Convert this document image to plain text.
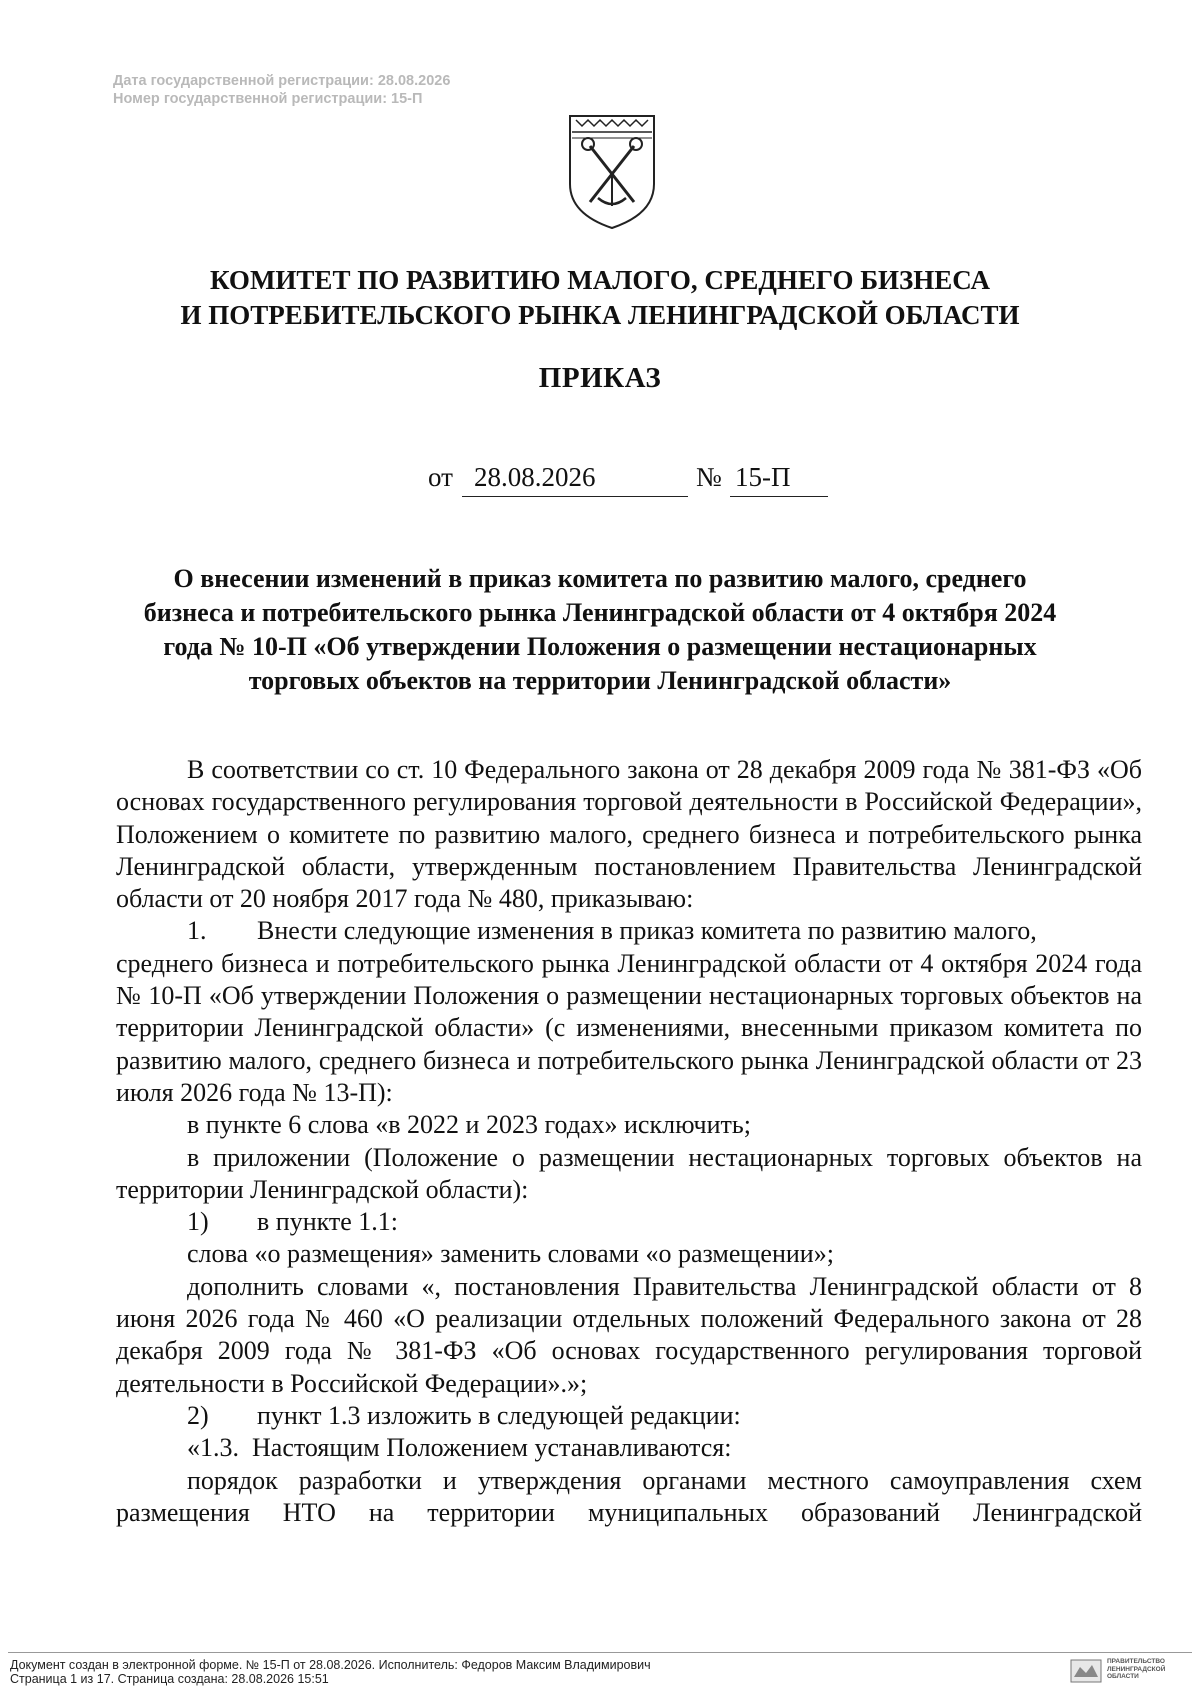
Дата государственной регистрации: 28.08.2026
Номер государственной регистрации: 15-П
КОМИТЕТ ПО РАЗВИТИЮ МАЛОГО, СРЕДНЕГО БИЗНЕСА
И ПОТРЕБИТЕЛЬСКОГО РЫНКА ЛЕНИНГРАДСКОЙ ОБЛАСТИ
ПРИКАЗ
от 28.08.2026	№ 15-П
О внесении изменений в приказ комитета по развитию малого, среднего
бизнеса и потребительского рынка Ленинградской области от 4 октября 2024
года № 10-П «Об утверждении Положения о размещении нестационарных
торговых объектов на территории Ленинградской области»

В соответствии со ст. 10 Федерального закона от 28 декабря 2009 года № 381-ФЗ «Об основах государственного регулирования торговой деятельности в Российской Федерации», Положением о комитете по развитию малого, среднего бизнеса и потребительского рынка Ленинградской области, утвержденным постановлением Правительства Ленинградской области от 20 ноября 2017 года № 480, приказываю:

1. Внести следующие изменения в приказ комитета по развитию малого,

среднего бизнеса и потребительского рынка Ленинградской области от 4 октября 2024 года № 10-П «Об утверждении Положения о размещении нестационарных торговых объектов на территории Ленинградской области» (с изменениями, внесенными приказом комитета по развитию малого, среднего бизнеса и потребительского рынка Ленинградской области от 23 июля 2026 года № 13-П):

в пункте 6 слова «в 2022 и 2023 годах» исключить;

в приложении (Положение о размещении нестационарных торговых объектов на территории Ленинградской области):

1) в пункте 1.1:

слова «о размещения» заменить словами «о размещении»;

дополнить словами «, постановления Правительства Ленинградской области от 8 июня 2026 года № 460 «О реализации отдельных положений Федерального закона от 28 декабря 2009 года № 381-ФЗ «Об основах государственного регулирования торговой деятельности в Российской Федерации».»;

2) пункт 1.3 изложить в следующей редакции:

«1.3. Настоящим Положением устанавливаются:

порядок разработки и утверждения органами местного самоуправления схем размещения НТО на территории муниципальных образований Ленинградской

Документ создан в электронной форме. № 15-П от 28.08.2026. Исполнитель: Федоров Максим Владимирович
Страница 1 из 17. Страница создана: 28.08.2026 15:51
ПРАВИТЕЛЬСТВО
ЛЕНИНГРАДСКОЙ
ОБЛАСТИ
